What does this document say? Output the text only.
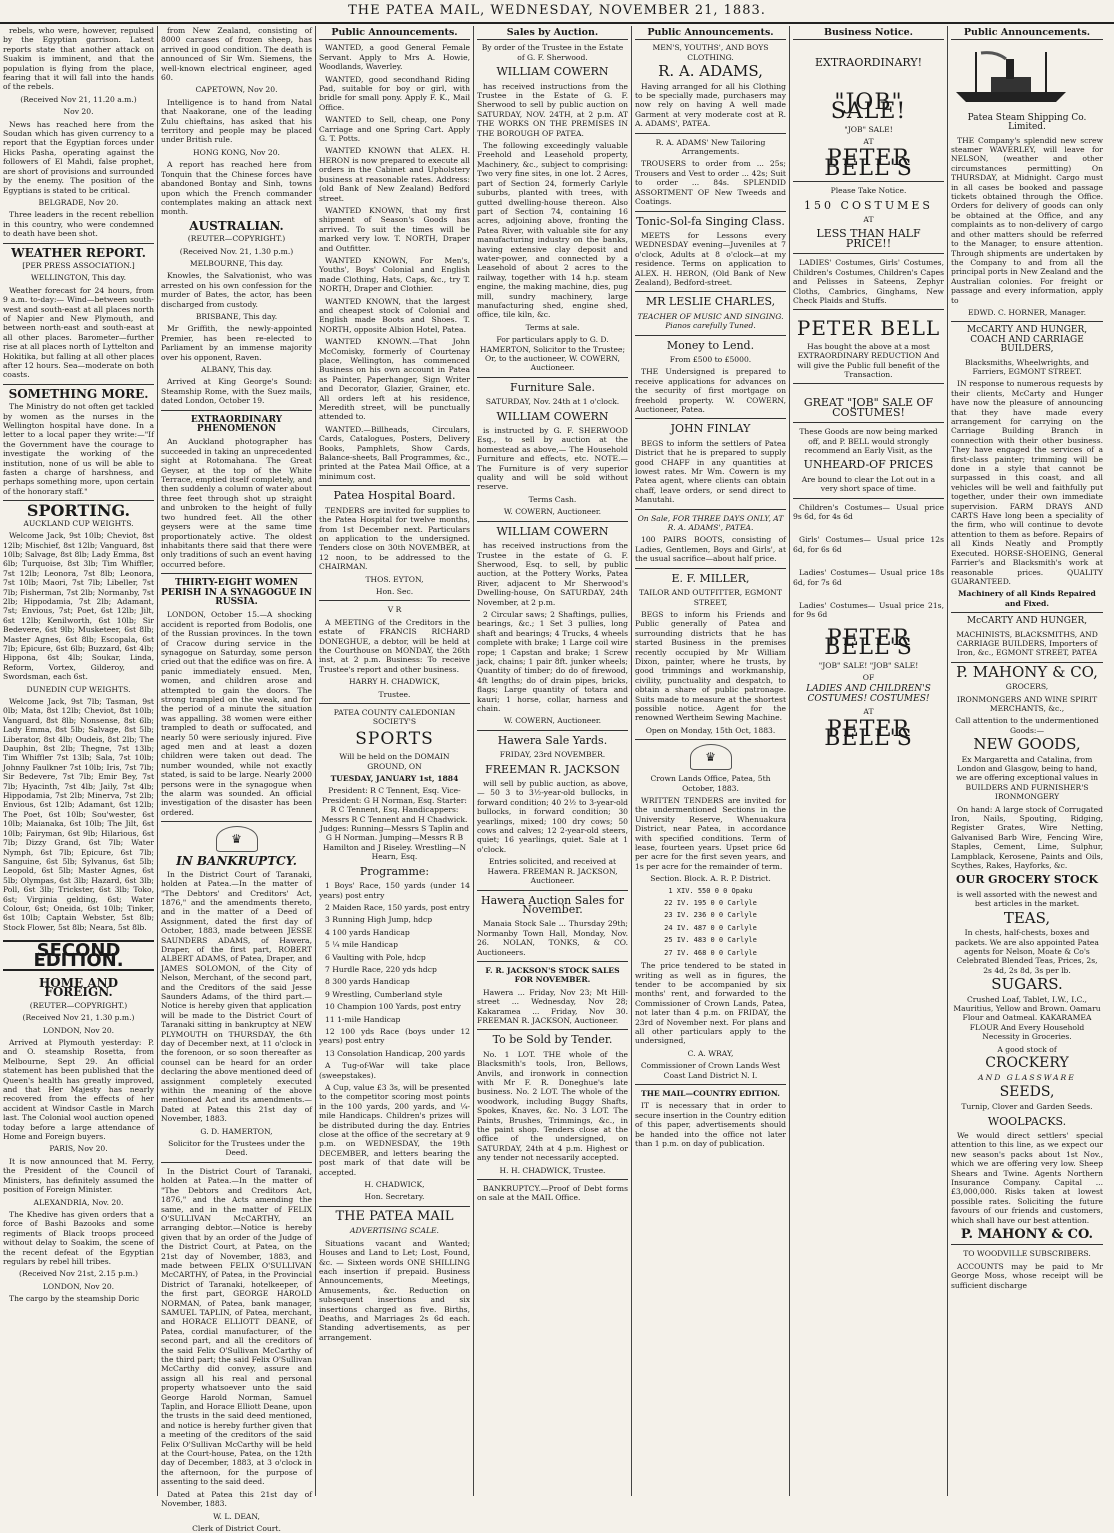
THE PATEA MAIL, WEDNESDAY, NOVEMBER 21, 1883.

rebels, who were, however, repulsed by the Egyptian garrison. Latest reports state that another attack on Suakim is imminent, and that the population is flying from the place, fearing that it will fall into the hands of the rebels.

(Received Nov 21, 11.20 a.m.)

Nov 20.

News has reached here from the Soudan which has given currency to a report that the Egyptian forces under Hicks Pasha, operating against the followers of El Mahdi, false prophet, are short of provisions and surrounded by the enemy. The position of the Egyptians is stated to be critical.

BELGRADE, Nov 20.

Three leaders in the recent rebellion in this country, who were condemned to death have been shot.

WEATHER REPORT.

[PER PRESS ASSOCIATION.]

WELLINGTON, This day.

Weather forecast for 24 hours, from 9 a.m. to-day:— Wind—between south-west and south-east at all places north of Napier and New Plymouth, and between north-east and south-east at all other places. Barometer—further rise at all places north of Lyttelton and Hokitika, but falling at all other places after 12 hours. Sea—moderate on both coasts.

SOMETHING MORE.

The Ministry do not often get tackled by women as the nurses in the Wellington hospital have done. In a letter to a local paper they write:—"If the Government have the courage to investigate the working of the institution, none of us will be able to fasten a charge of harshness, and perhaps something more, upon certain of the honorary staff."

SPORTING.

AUCKLAND CUP WEIGHTS.

Welcome Jack, 9st 10lb; Cheviot, 8st 12lb; Mischief, 8st 12lb; Vanguard, 8st 10lb; Salvage, 8st 8lb; Lady Emma, 8st 6lb; Turquoise, 8st 3lb; Tim Whiffler, 7st 12lb; Leonora, 7st 8lb; Leonora, 7st 10lb; Maori, 7st 7lb; Libeller, 7st 7lb; Fisherman, 7st 2lb; Normanby, 7st 2lb; Hippodamia, 7st 2lb; Adamant, 7st; Envious, 7st; Poet, 6st 12lb; Jilt, 6st 12lb; Kenilworth, 6st 10lb; Sir Bedevere, 6st 9lb; Musketeer, 6st 8lb; Master Agnes, 6st 8lb; Escopala, 6st 7lb; Epicure, 6st 6lb; Buzzard, 6st 4lb; Hippona, 6st 4lb; Soukar, Linda, Reform, Vortex, Gilderoy, and Swordsman, each 6st.

DUNEDIN CUP WEIGHTS.

Welcome Jack, 9st 7lb; Tasman, 9st 0lb; Mata, 8st 12lb; Cheviot, 8st 10lb; Vanguard, 8st 8lb; Nonsense, 8st 6lb; Lady Emma, 8st 5lb; Salvage, 8st 5lb; Liberator, 8st 4lb; Oudeis, 8st 2lb; The Dauphin, 8st 2lb; Thegne, 7st 13lb; Tim Whiffler 7st 13lb; Sala, 7st 10lb; Johnny Faulkner 7st 10lb; Iris, 7st 7lb; Sir Bedevere, 7st 7lb; Emir Bey, 7st 7lb; Hyacinth, 7st 4lb; Jaily, 7st 4lb; Hippodamia, 7st 2lb; Minerva, 7st 2lb; Envious, 6st 12lb; Adamant, 6st 12lb; The Poet, 6st 10lb; Sou'wester, 6st 10lb; Maianaka, 6st 10lb; The Jilt, 6st 10lb; Fairyman, 6st 9lb; Hilarious, 6st 7lb; Dizzy Grand, 6st 7lb; Water Nymph, 6st 7lb; Epicure, 6st 7lb; Sanguine, 6st 5lb; Sylvanus, 6st 5lb; Leopold, 6st 5lb; Master Agnes, 6st 5lb; Olympas, 6st 3lb; Hazard, 6st 3lb; Poll, 6st 3lb; Trickster, 6st 3lb; Toko, 6st; Virginia gelding, 6st; Water Colour, 6st; Oneida, 6st 10lb; Tinker, 6st 10lb; Captain Webster, 5st 8lb; Stock Flower, 5st 8lb; Neara, 5st 8lb.

SECOND EDITION.
HOME AND FOREIGN.

(REUTER—COPYRIGHT.)

(Received Nov 21, 1.30 p.m.)

LONDON, Nov 20.

Arrived at Plymouth yesterday: P. and O. steamship Rosetta, from Melbourne, Sept 29. An official statement has been published that the Queen's health has greatly improved, and that Her Majesty has nearly recovered from the effects of her accident at Windsor Castle in March last. The Colonial wool auction opened today before a large attendance of Home and Foreign buyers.

PARIS, Nov 20.

It is now announced that M. Ferry, the President of the Council of Ministers, has definitely assumed the position of Foreign Minister.

ALEXANDRIA, Nov. 20.

The Khedive has given orders that a force of Bashi Bazooks and some regiments of Black troops proceed without delay to Soakim, the scene of the recent defeat of the Egyptian regulars by rebel hill tribes.

(Received Nov 21st, 2.15 p.m.)

LONDON, Nov 20.

The cargo by the steamship Doric

from New Zealand, consisting of 8000 carcases of frozen sheep, has arrived in good condition. The death is announced of Sir Wm. Siemens, the well-known electrical engineer, aged 60.

CAPETOWN, Nov 20.

Intelligence is to hand from Natal that Naakorane, one of the leading Zulu chieftains, has asked that his territory and people may be placed under British rule.

HONG KONG, Nov 20.

A report has reached here from Tonquin that the Chinese forces have abandoned Bontay and Sinh, towns upon which the French commander contemplates making an attack next month.

AUSTRALIAN.

(REUTER—COPYRIGHT.)

(Received Nov. 21, 1.30 p.m.)

MELBOURNE, This day.

Knowles, the Salvationist, who was arrested on his own confession for the murder of Bates, the actor, has been discharged from custody.

BRISBANE, This day.

Mr Griffith, the newly-appointed Premier, has been re-elected to Parliament by an immense majority over his opponent, Raven.

ALBANY, This day.

Arrived at King George's Sound: Steamship Rome, with the Suez mails, dated London, October 19.

EXTRAORDINARY PHENOMENON

An Auckland photographer has succeeded in taking an unprecedented sight at Rotomahana. The Great Geyser, at the top of the White Terrace, emptied itself completely, and then suddenly a column of water about three feet through shot up straight and unbroken to the height of fully two hundred feet. All the other geysers were at the same time proportionately active. The oldest inhabitants there said that there were only traditions of such an event having occurred before.

THIRTY-EIGHT WOMEN PERISH IN A SYNAGOGUE IN RUSSIA.

LONDON, October 15.—A shocking accident is reported from Bodolis, one of the Russian provinces. In the town of Cracow during service in the synagogue on Saturday, some person cried out that the edifice was on fire. A panic immediately ensued. Men, women, and children arose and attempted to gain the doors. The strong trampled on the weak, and for the period of a minute the situation was appalling. 38 women were either trampled to death or suffocated, and nearly 50 were seriously injured. Five aged men and at least a dozen children were taken out dead. The number wounded, while not exactly stated, is said to be large. Nearly 2000 persons were in the synagogue when the alarm was sounded. An official investigation of the disaster has been ordered.

♛
IN BANKRUPTCY.

In the District Court of Taranaki, holden at Patea.—In the matter of "The Debtors' and Creditors' Act, 1876," and the amendments thereto, and in the matter of a Deed of Assignment, dated the first day of October, 1883, made between JESSE SAUNDERS ADAMS, of Hawera, Draper, of the first part, ROBERT ALBERT ADAMS, of Patea, Draper, and JAMES SOLOMON, of the City of Nelson, Merchant, of the second part, and the Creditors of the said Jesse Saunders Adams, of the third part.—Notice is hereby given that application will be made to the District Court of Taranaki sitting in bankruptcy at NEW PLYMOUTH on THURSDAY, the 6th day of December next, at 11 o'clock in the forenoon, or so soon thereafter as counsel can be heard for an order declaring the above mentioned deed of assignment completely executed within the meaning of the above mentioned Act and its amendments.—Dated at Patea this 21st day of November, 1883.

G. D. HAMERTON,

Solicitor for the Trustees under the Deed.

In the District Court of Taranaki, holden at Patea.—In the matter of "The Debtors and Creditors Act, 1876," and the Acts amending the same, and in the matter of FELIX O'SULLIVAN McCARTHY, an arranging debtor.—Notice is hereby given that by an order of the Judge of the District Court, at Patea, on the 21st day of November, 1883, and made between FELIX O'SULLIVAN McCARTHY, of Patea, in the Provincial District of Taranaki, hotelkeeper, of the first part, GEORGE HAROLD NORMAN, of Patea, bank manager, SAMUEL TAPLIN, of Patea, merchant, and HORACE ELLIOTT DEANE, of Patea, cordial manufacturer, of the second part, and all the creditors of the said Felix O'Sullivan McCarthy of the third part; the said Felix O'Sullivan McCarthy did convey, assure and assign all his real and personal property whatsoever unto the said George Harold Norman, Samuel Taplin, and Horace Elliott Deane, upon the trusts in the said deed mentioned, and notice is hereby further given that a meeting of the creditors of the said Felix O'Sullivan McCarthy will be held at the Court-house, Patea, on the 12th day of December, 1883, at 3 o'clock in the afternoon, for the purpose of assenting to the said deed.

Dated at Patea this 21st day of November, 1883.

W. L. DEAN,

Clerk of District Court.

Public Announcements.

WANTED, a good General Female Servant. Apply to Mrs A. Howie, Woodlands, Waverley.

WANTED, good secondhand Riding Pad, suitable for boy or girl, with bridle for small pony. Apply F. K., Mail Office.

WANTED to Sell, cheap, one Pony Carriage and one Spring Cart. Apply G. T. Potts.

WANTED KNOWN that ALEX. H. HERON is now prepared to execute all orders in the Cabinet and Upholstery business at reasonable rates. Address: (old Bank of New Zealand) Bedford street.

WANTED KNOWN, that my first shipment of Season's Goods has arrived. To suit the times will be marked very low. T. NORTH, Draper and Outfitter.

WANTED KNOWN, For Men's, Youths', Boys' Colonial and English made Clothing, Hats, Caps, &c., try T. NORTH, Draper and Clothier.

WANTED KNOWN, that the largest and cheapest stock of Colonial and English made Boots and Shoes. T. NORTH, opposite Albion Hotel, Patea.

WANTED KNOWN.—That John McComisky, formerly of Courtenay place, Wellington, has commenced Business on his own account in Patea as Painter, Paperhanger, Sign Writer and Decorator, Glazier, Grainer, etc. All orders left at his residence, Meredith street, will be punctually attended to.

WANTED.—Billheads, Circulars, Cards, Catalogues, Posters, Delivery Books, Pamphlets, Show Cards, Balance-sheets, Ball Programmes, &c., printed at the Patea Mail Office, at a minimum cost.

Patea Hospital Board.

TENDERS are invited for supplies to the Patea Hospital for twelve months, from 1st December next. Particulars on application to the undersigned. Tenders close on 30th NOVEMBER, at 12 noon, to be addressed to the CHAIRMAN.

THOS. EYTON,

Hon. Sec.

V R

A MEETING of the Creditors in the estate of FRANCIS RICHARD DONEGHUE, a debtor, will be held at the Courthouse on MONDAY, the 26th inst, at 2 p.m. Business: To receive Trustee's report and other business.

HARRY H. CHADWICK,

Trustee.

PATEA COUNTY CALEDONIAN SOCIETY'S

SPORTS

Will be held on the DOMAIN GROUND, ON

TUESDAY, JANUARY 1st, 1884

President: R C Tennent, Esq. Vice-President: G H Norman, Esq. Starter: R C Tennent, Esq. Handicappers: Messrs R C Tennent and H Chadwick. Judges: Running—Messrs S Taplin and G H Norman. Jumping—Messrs R B Hamilton and J Riseley. Wrestling—N Hearn, Esq.

Programme:

1 Boys' Race, 150 yards (under 14 years) post entry

2 Maiden Race, 150 yards, post entry

3 Running High Jump, hdcp

4 100 yards Handicap

5 ¼ mile Handicap

6 Vaulting with Pole, hdcp

7 Hurdle Race, 220 yds hdcp

8 300 yards Handicap

9 Wrestling, Cumberland style

10 Champion 100 Yards, post entry

11 1-mile Handicap

12 100 yds Race (boys under 12 years) post entry

13 Consolation Handicap, 200 yards

A Tug-of-War will take place (sweepstakes).

A Cup, value £3 3s, will be presented to the competitor scoring most points in the 100 yards, 200 yards, and ¼-mile Handicaps. Children's prizes will be distributed during the day. Entries close at the office of the secretary at 9 p.m. on WEDNESDAY, the 19th DECEMBER, and letters bearing the post mark of that date will be accepted.

H. CHADWICK,

Hon. Secretary.

THE PATEA MAIL

ADVERTISING SCALE.

Situations vacant and Wanted; Houses and Land to Let; Lost, Found, &c. — Sixteen words ONE SHILLING each insertion if prepaid. Business Announcements, Meetings, Amusements, &c. Reduction on subsequent insertions and six insertions charged as five. Births, Deaths, and Marriages 2s 6d each. Standing advertisements, as per arrangement.

Sales by Auction.

By order of the Trustee in the Estate of G. F. Sherwood.

WILLIAM COWERN

has received instructions from the Trustee in the Estate of G. F. Sherwood to sell by public auction on SATURDAY, NOV. 24TH, at 2 p.m. AT THE WORKS ON THE PREMISES IN THE BOROUGH OF PATEA.

The following exceedingly valuable Freehold and Leasehold property, Machinery, &c., subject to comprising: Two very fine sites, in one lot. 2 Acres, part of Section 24, formerly Carlyle suburbs, planted with trees, with gutted dwelling-house thereon. Also part of Section 74, containing 16 acres, adjoining above, fronting the Patea River, with valuable site for any manufacturing industry on the banks, having extensive clay deposit and water-power, and connected by a Leasehold of about 2 acres to the railway, together with 14 h.p. steam engine, the making machine, dies, pug mill, sundry machinery, large manufacturing shed, engine shed, office, tile kiln, &c.

Terms at sale.

For particulars apply to G. D. HAMERTON, Solicitor to the Trustee; Or, to the auctioneer, W. COWERN, Auctioneer.

Furniture Sale.

SATURDAY, Nov. 24th at 1 o'clock.

WILLIAM COWERN

is instructed by G. F. SHERWOOD Esq., to sell by auction at the homestead as above,— The Household Furniture and effects, etc. NOTE.—The Furniture is of very superior quality and will be sold without reserve.

Terms Cash.

W. COWERN, Auctioneer.

WILLIAM COWERN

has received instructions from the Trustee in the estate of G. F. Sherwood, Esq. to sell, by public auction, at the Pottery Works, Patea River, adjacent to Mr Sherwood's Dwelling-house, On SATURDAY, 24th November, at 2 p.m.

2 Circular saws; 2 Shaftings, pullies, bearings, &c.; 1 Set 3 pullies, long shaft and bearings; 4 Trucks, 4 wheels complete with brake; 1 Large coil wire rope; 1 Capstan and brake; 1 Screw jack, chains; 1 pair 8ft. junker wheels; Quantity of timber; do do of firewood, 4ft lengths; do of drain pipes, bricks, flags; Large quantity of totara and kauri; 1 horse, collar, harness and chain.

W. COWERN, Auctioneer.

Hawera Sale Yards.

FRIDAY, 23rd NOVEMBER.

FREEMAN R. JACKSON

will sell by public auction, as above,— 50 3 to 3½-year-old bullocks, in forward condition; 40 2½ to 3-year-old bullocks, in forward condition; 30 yearlings, mixed; 100 dry cows; 50 cows and calves; 12 2-year-old steers, quiet; 16 yearlings, quiet. Sale at 1 o'clock.

Entries solicited, and received at Hawera. FREEMAN R. JACKSON, Auctioneer.

Hawera Auction Sales for November.

Manaia Stock Sale ... Thursday 29th; Normanby Town Hall, Monday, Nov. 26. NOLAN, TONKS, & CO. Auctioneers.

F. R. JACKSON'S STOCK SALES FOR NOVEMBER.

Hawera ... Friday, Nov 23; Mt Hill-street ... Wednesday, Nov 28; Kakaramea ... Friday, Nov 30. FREEMAN R. JACKSON, Auctioneer.

To be Sold by Tender.

No. 1 LOT. THE whole of the Blacksmith's tools, Iron, Bellows, Anvils, and ironwork in connection with Mr F. R. Doneghue's late business. No. 2 LOT. The whole of the woodwork, including Buggy Shafts, Spokes, Knaves, &c. No. 3 LOT. The Paints, Brushes, Trimmings, &c., in the paint shop. Tenders close at the office of the undersigned, on SATURDAY, 24th at 4 p.m. Highest or any tender not necessarily accepted.

H. H. CHADWICK, Trustee.

BANKRUPTCY.—Proof of Debt forms on sale at the MAIL Office.

Public Announcements.

MEN'S, YOUTHS', AND BOYS CLOTHING.

R. A. ADAMS,

Having arranged for all his Clothing to be specially made, purchasers may now rely on having A well made Garment at very moderate cost at R. A. ADAMS', PATEA.

R. A. ADAMS' New Tailoring Arrangements.

TROUSERS to order from ... 25s; Trousers and Vest to order ... 42s; Suit to order ... 84s. SPLENDID ASSORTMENT OF New Tweeds and Coatings.

Tonic-Sol-fa Singing Class.

MEETS for Lessons every WEDNESDAY evening—Juveniles at 7 o'clock, Adults at 8 o'clock—at my residence. Terms on application to ALEX. H. HERON, (Old Bank of New Zealand), Bedford-street.

MR LESLIE CHARLES,

TEACHER OF MUSIC AND SINGING. Pianos carefully Tuned.

Money to Lend.

From £500 to £5000.

THE Undersigned is prepared to receive applications for advances on the security of first mortgage on freehold property. W. COWERN, Auctioneer, Patea.

JOHN FINLAY

BEGS to inform the settlers of Patea District that he is prepared to supply good CHAFF in any quantities at lowest rates. Mr Wm. Cowern is my Patea agent, where clients can obtain chaff, leave orders, or send direct to Manutahi.

On Sale, FOR THREE DAYS ONLY, AT R. A. ADAMS', PATEA.

100 PAIRS BOOTS, consisting of Ladies, Gentlemen, Boys and Girls', at the usual sacrifice—about half price.

E. F. MILLER,

TAILOR AND OUTFITTER, EGMONT STREET,

BEGS to inform his Friends and Public generally of Patea and surrounding districts that he has started Business in the premises recently occupied by Mr William Dixon, painter, where he trusts, by good trimmings and workmanship, civility, punctuality and despatch, to obtain a share of public patronage. Suits made to measure at the shortest possible notice. Agent for the renowned Wertheim Sewing Machine.

Open on Monday, 15th Oct, 1883.

♛

Crown Lands Office, Patea, 5th October, 1883.

WRITTEN TENDERS are invited for the undermentioned Sections in the University Reserve, Whenuakura District, near Patea, in accordance with specified conditions. Term of lease, fourteen years. Upset price 6d per acre for the first seven years, and 1s per acre for the remainder of term.

Section. Block. A. R. P. District.

1 XIV. 550 0 0 Opaku

22 IV. 195 0 0 Carlyle

23 IV. 236 0 0 Carlyle

24 IV. 487 0 0 Carlyle

25 IV. 483 0 0 Carlyle

27 IV. 468 0 0 Carlyle

The price tendered to be stated in writing as well as in figures, the tender to be accompanied by six months' rent, and forwarded to the Commissioner of Crown Lands, Patea, not later than 4 p.m. on FRIDAY, the 23rd of November next. For plans and all other particulars apply to the undersigned,

C. A. WRAY,

Commissioner of Crown Lands West Coast Land District N. I.

THE MAIL—COUNTRY EDITION.

IT is necessary that in order to secure insertion in the Country edition of this paper, advertisements should be handed into the office not later than 1 p.m. on day of publication.

Business Notice.
EXTRAORDINARY!
"JOB" SALE!

"JOB" SALE!

AT

PETER BELL'S

Please Take Notice.

150 COSTUMES

AT

LESS THAN HALF PRICE!!

LADIES' Costumes, Girls' Costumes, Children's Costumes, Children's Capes and Pelisses in Sateens, Zephyr Cloths, Cambrics, Ginghams, New Check Plaids and Stuffs.

PETER BELL

Has bought the above at a most EXTRAORDINARY REDUCTION And will give the Public full benefit of the Transaction.

GREAT "JOB" SALE OF COSTUMES!

These Goods are now being marked off, and P. BELL would strongly recommend an Early Visit, as the

UNHEARD-OF PRICES

Are bound to clear the Lot out in a very short space of time.

Children's Costumes— Usual price 9s 6d, for 4s 6d

Girls' Costumes— Usual price 12s 6d, for 6s 6d

Ladies' Costumes— Usual price 18s 6d, for 7s 6d

Ladies' Costumes— Usual price 21s, for 9s 6d

PETER BELL'S

"JOB" SALE! "JOB" SALE!

OF

LADIES AND CHILDREN'S COSTUMES! COSTUMES!

AT

PETER BELL'S
Public Announcements.

Patea Steam Shipping Co. Limited.

THE Company's splendid new screw steamer WAVERLEY, will leave for NELSON, (weather and other circumstances permitting) On THURSDAY, at Midnight. Cargo must in all cases be booked and passage tickets obtained through the Office. Orders for delivery of goods can only be obtained at the Office, and any complaints as to non-delivery of cargo and other matters should be referred to the Manager, to ensure attention. Through shipments are undertaken by the Company to and from all the principal ports in New Zealand and the Australian colonies. For freight or passage and every information, apply to

EDWD. C. HORNER, Manager.

McCARTY AND HUNGER, COACH AND CARRIAGE BUILDERS,

Blacksmiths, Wheelwrights, and Farriers, EGMONT STREET.

IN response to numerous requests by their clients, McCarty and Hunger have now the pleasure of announcing that they have made every arrangement for carrying on the Carriage Building Branch in connection with their other business. They have engaged the services of a first-class painter; trimming will be done in a style that cannot be surpassed in this coast, and all vehicles will be well and faithfully put together, under their own immediate supervision. FARM DRAYS AND CARTS Have long been a speciality of the firm, who will continue to devote attention to them as before. Repairs of all Kinds Neatly and Promptly Executed. HORSE-SHOEING, General Farrier's and Blacksmith's work at reasonable prices. QUALITY GUARANTEED.

Machinery of all Kinds Repaired and Fixed.

McCARTY AND HUNGER,

MACHINISTS, BLACKSMITHS, AND CARRIAGE BUILDERS, Importers of Iron, &c., EGMONT STREET, PATEA

P. MAHONY & CO,

GROCERS,

IRONMONGERS AND WINE SPIRIT MERCHANTS, &c.,

Call attention to the undermentioned Goods:—

NEW GOODS,

Ex Margaretta and Catalina, from London and Glasgow, being to hand, we are offering exceptional values in BUILDERS AND FURNISHER'S IRONMONGERY

On hand: A large stock of Corrugated Iron, Nails, Spouting, Ridging, Register Grates, Wire Netting, Galvanised Barb Wire, Fencing Wire, Staples, Cement, Lime, Sulphur, Lampblack, Kerosene, Paints and Oils, Scythes, Rakes, Hayforks, &c.

OUR GROCERY STOCK

is well assorted with the newest and best articles in the market.

TEAS,

In chests, half-chests, boxes and packets. We are also appointed Patea agents for Nelson, Moate & Co's Celebrated Blended Teas, Prices, 2s, 2s 4d, 2s 8d, 3s per lb.

SUGARS.

Crushed Loaf, Tablet, I.W., I.C., Mauritius, Yellow and Brown. Oamaru Flour and Oatmeal. KAKARAMEA FLOUR And Every Household Necessity in Groceries.

A good stock of

CROCKERY

AND GLASSWARE

SEEDS,

Turnip, Clover and Garden Seeds.

WOOLPACKS.

We would direct settlers' special attention to this line, as we expect our new season's packs about 1st Nov., which we are offering very low. Sheep Shears and Twine. Agents Northern Insurance Company. Capital ... £3,000,000. Risks taken at lowest possible rates. Soliciting the future favours of our friends and customers, which shall have our best attention.

P. MAHONY & CO.

TO WOODVILLE SUBSCRIBERS.

ACCOUNTS may be paid to Mr George Moss, whose receipt will be sufficient discharge
